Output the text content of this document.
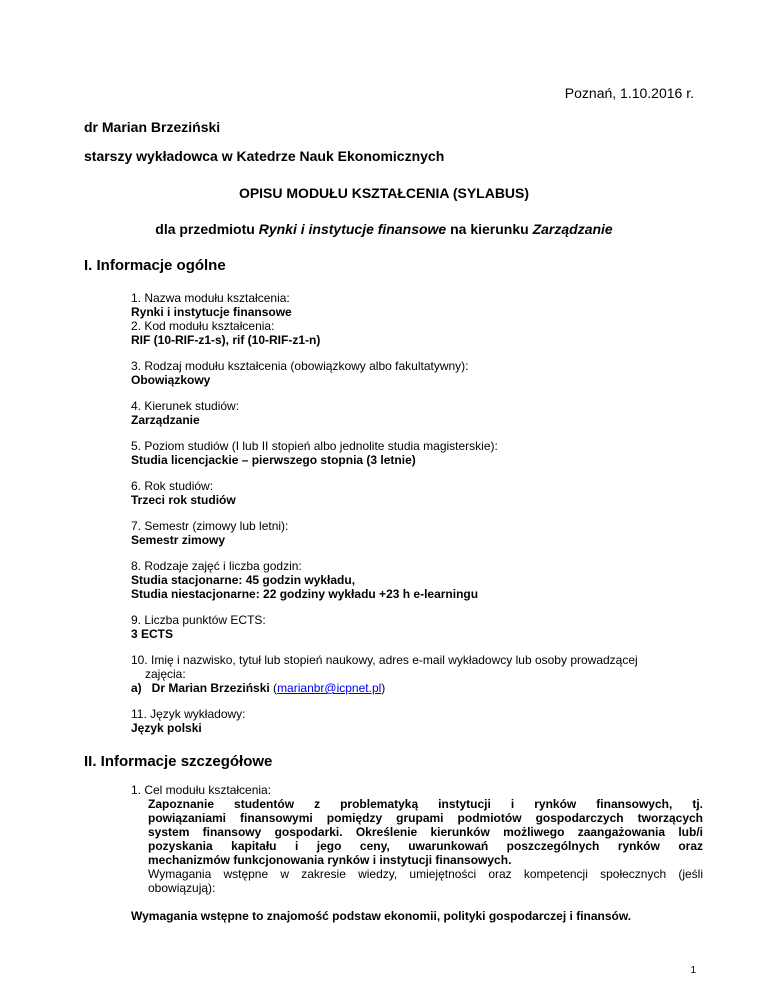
Poznań, 1.10.2016 r.
dr Marian Brzeziński
starszy wykładowca w Katedrze Nauk Ekonomicznych
OPISU MODUŁU KSZTAŁCENIA (SYLABUS)
dla przedmiotu Rynki i instytucje finansowe na kierunku Zarządzanie
I. Informacje ogólne
1. Nazwa modułu kształcenia:
Rynki i instytucje finansowe
2. Kod modułu kształcenia:
RIF (10-RIF-z1-s), rif (10-RIF-z1-n)
3. Rodzaj modułu kształcenia (obowiązkowy albo fakultatywny):
Obowiązkowy
4. Kierunek studiów:
Zarządzanie
5. Poziom studiów (I lub II stopień albo jednolite studia magisterskie):
Studia licencjackie – pierwszego stopnia (3 letnie)
6. Rok studiów:
Trzeci rok studiów
7. Semestr (zimowy lub letni):
Semestr zimowy
8. Rodzaje zajęć i liczba godzin:
Studia stacjonarne: 45 godzin wykładu,
Studia niestacjonarne: 22 godziny wykładu +23 h e-learningu
9. Liczba punktów ECTS:
3 ECTS
10. Imię i nazwisko, tytuł lub stopień naukowy, adres e-mail wykładowcy lub osoby prowadzącej
zajęcia:
a)   Dr Marian Brzeziński (marianbr@icpnet.pl)
11. Język wykładowy:
Język polski
II. Informacje szczegółowe
1. Cel modułu kształcenia:
Zapoznanie studentów z problematyką instytucji i rynków finansowych, tj.
powiązaniami finansowymi pomiędzy grupami podmiotów gospodarczych tworzących
system finansowy gospodarki. Określenie kierunków możliwego zaangażowania lub/i
pozyskania kapitału i jego ceny, uwarunkowań poszczególnych rynków oraz
mechanizmów funkcjonowania rynków i instytucji finansowych.
Wymagania wstępne w zakresie wiedzy, umiejętności oraz kompetencji społecznych (jeśli
obowiązują):
Wymagania wstępne to znajomość podstaw ekonomii, polityki gospodarczej i finansów.
1
